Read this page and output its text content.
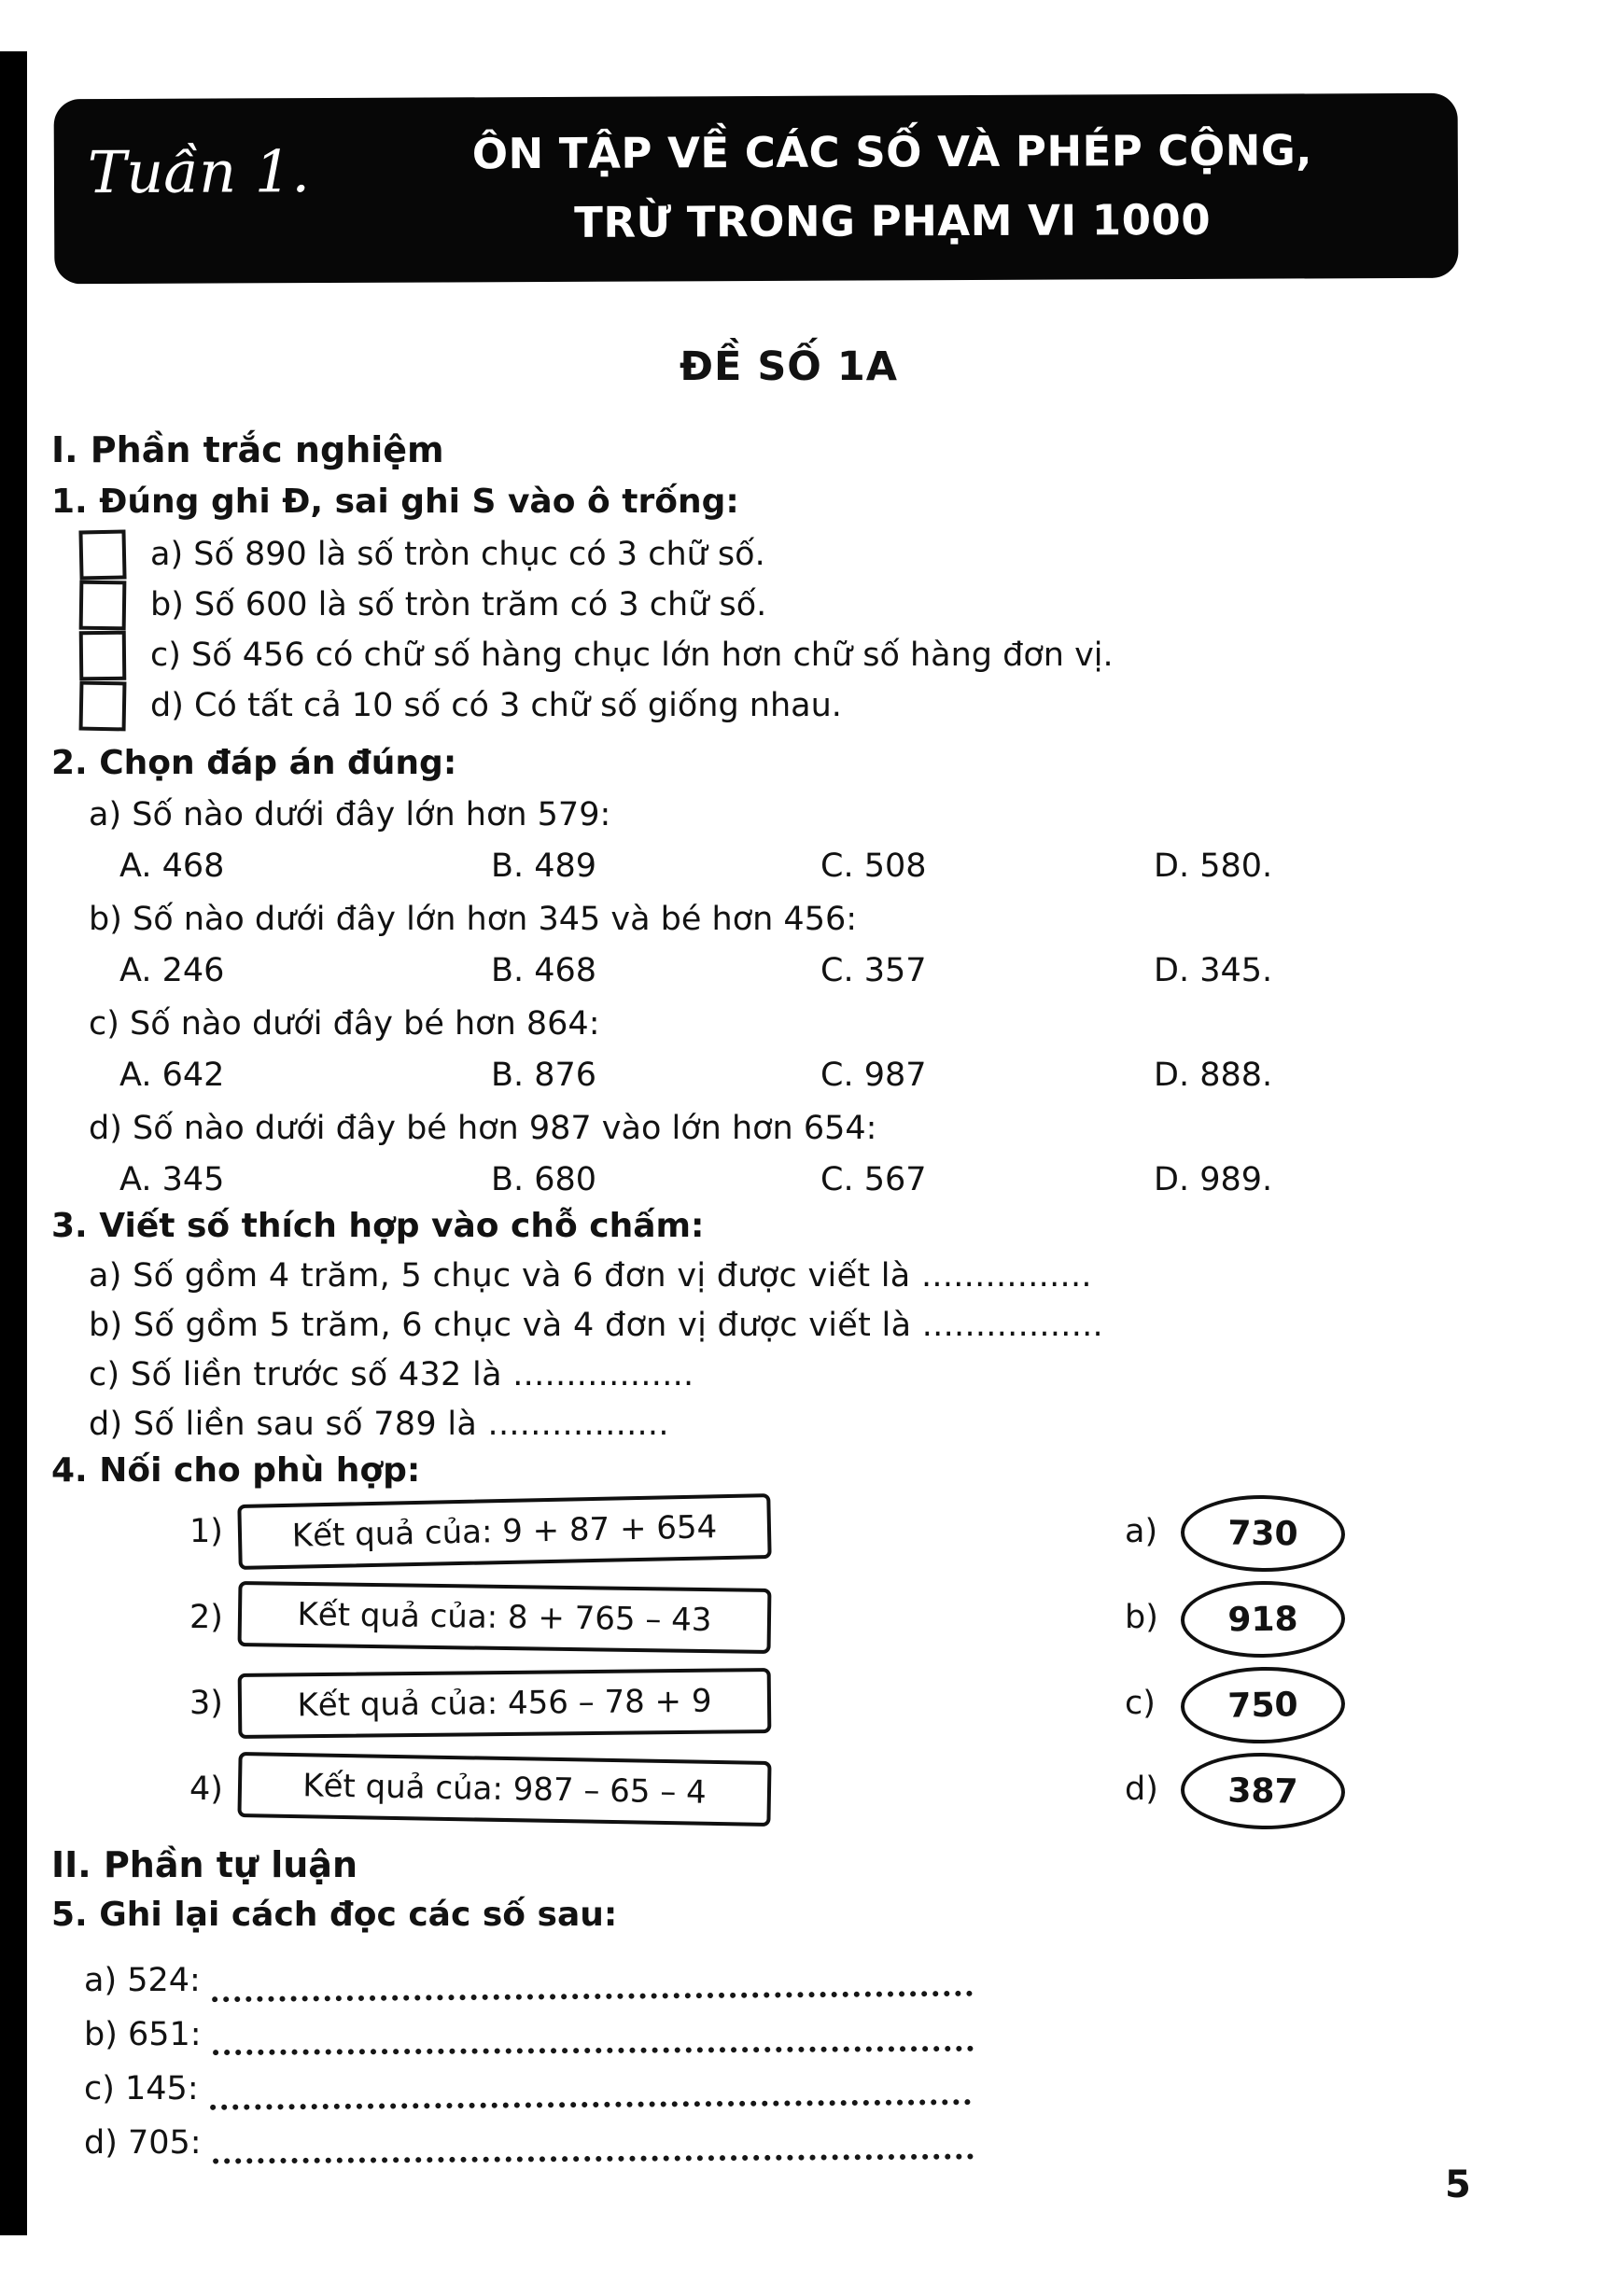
Tuần 1.	ÔN TẬP VỀ CÁC SỐ VÀ PHÉP CỘNG,
TRỪ TRONG PHẠM VI 1000
ĐỀ SỐ 1A
I. Phần trắc nghiệm
1. Đúng ghi Đ, sai ghi S vào ô trống:
a) Số 890 là số tròn chục có 3 chữ số.
b) Số 600 là số tròn trăm có 3 chữ số.
c) Số 456 có chữ số hàng chục lớn hơn chữ số hàng đơn vị.
d) Có tất cả 10 số có 3 chữ số giống nhau.
2. Chọn đáp án đúng:
a) Số nào dưới đây lớn hơn 579:
A. 468	B. 489	C. 508	D. 580.
b) Số nào dưới đây lớn hơn 345 và bé hơn 456:
A. 246	B. 468	C. 357	D. 345.
c) Số nào dưới đây bé hơn 864:
A. 642	B. 876	C. 987	D. 888.
d) Số nào dưới đây bé hơn 987 vào lớn hơn 654:
A. 345	B. 680	C. 567	D. 989.
3. Viết số thích hợp vào chỗ chấm:
a) Số gồm 4 trăm, 5 chục và 6 đơn vị được viết là ................
b) Số gồm 5 trăm, 6 chục và 4 đơn vị được viết là .................
c) Số liền trước số 432 là .................
d) Số liền sau số 789 là .................
4. Nối cho phù hợp:
1)	Kết quả của: 9 + 87 + 654	a)	730
2)	Kết quả của: 8 + 765 – 43	b)	918
3)	Kết quả của: 456 – 78 + 9	c)	750
4)	Kết quả của: 987 – 65 – 4	d)	387
II. Phần tự luận
5. Ghi lại cách đọc các số sau:
a) 524:
b) 651:
c) 145:
d) 705:
5
